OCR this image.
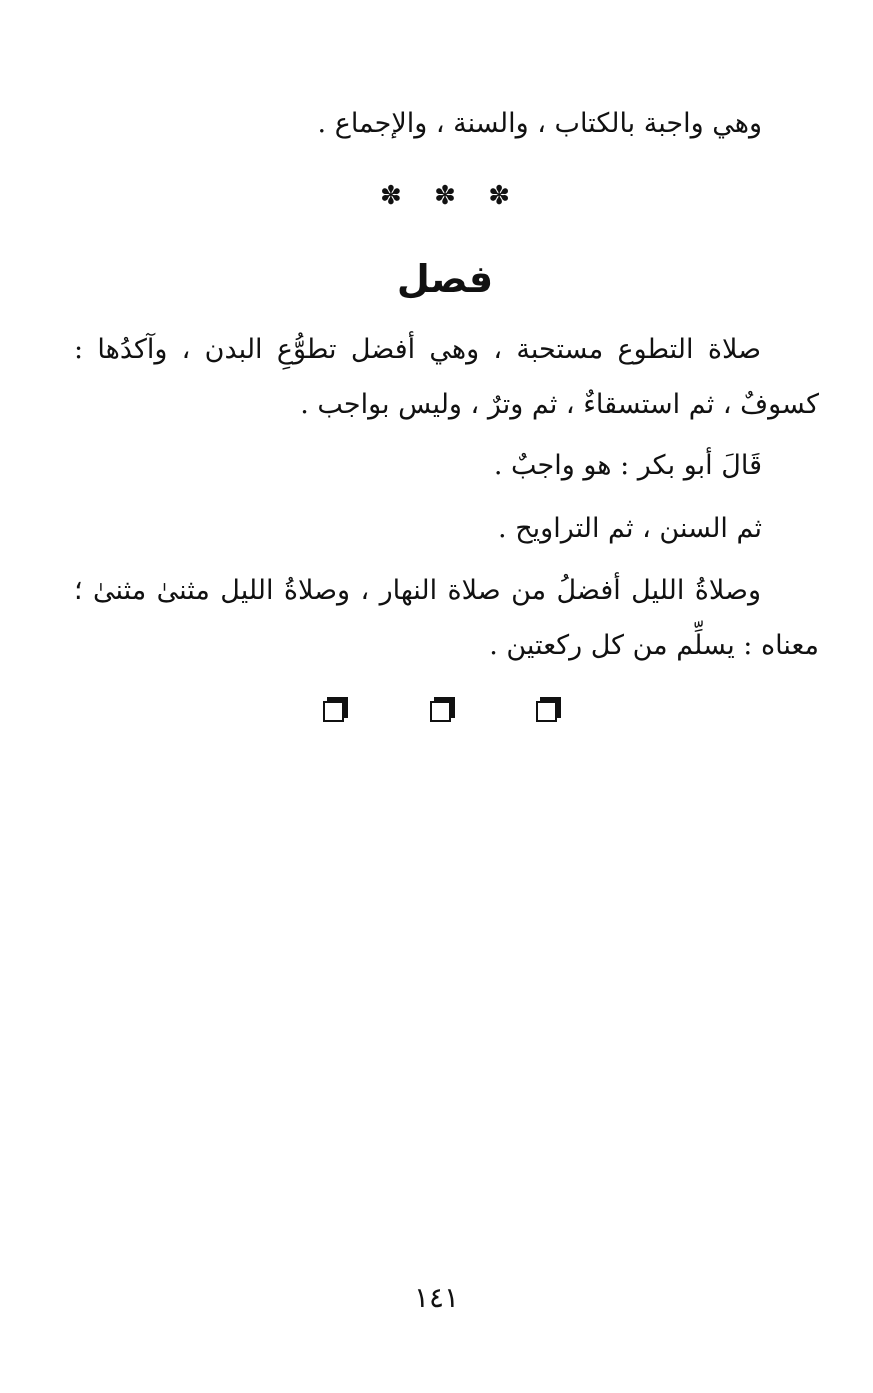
وهي واجبة بالكتاب ، والسنة ، والإجماع .
✽ ✽ ✽
فصل
صلاة التطوع مستحبة ، وهي أفضل تطوُّعِ البدن ، وآكدُها :
كسوفٌ ، ثم استسقاءٌ ، ثم وترٌ ، وليس بواجب .
قَالَ أبو بكر : هو واجبٌ .
ثم السنن ، ثم التراويح .
وصلاةُ الليل أفضلُ من صلاة النهار ، وصلاةُ الليل مثنىٰ مثنىٰ ؛
معناه : يسلِّم من كل ركعتين .
١٤١
